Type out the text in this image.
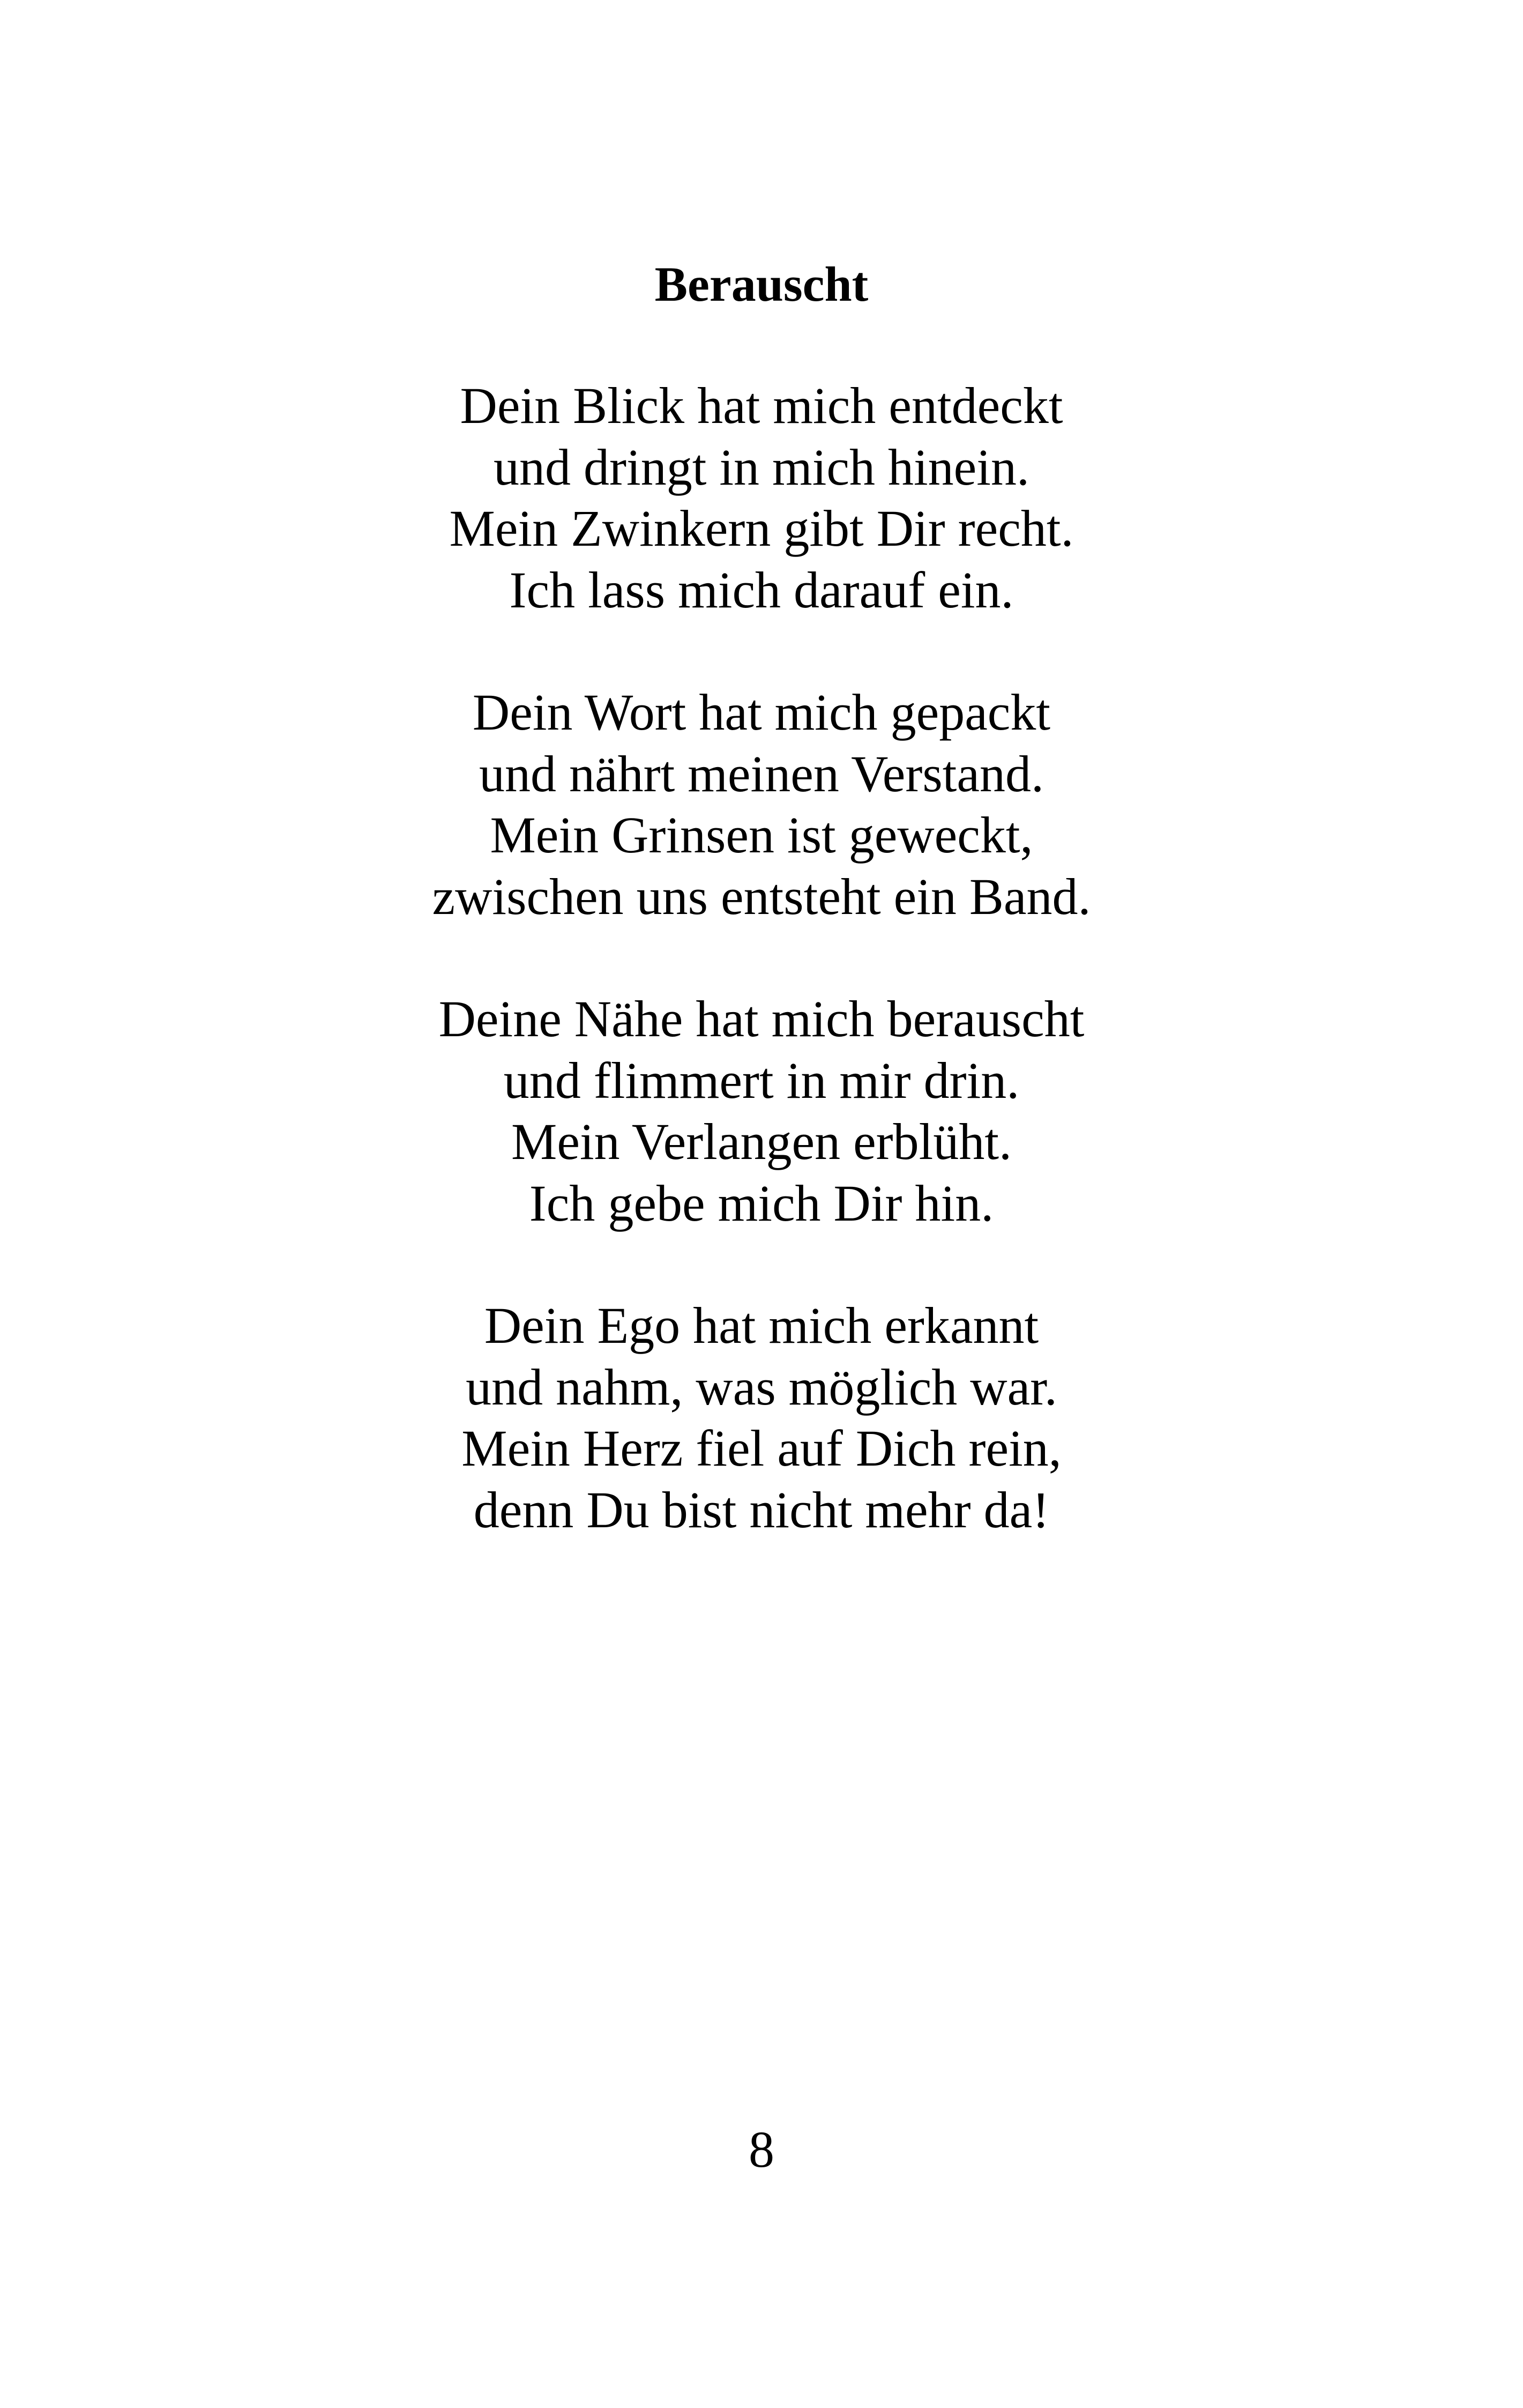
Berauscht
Dein Blick hat mich entdeckt
und dringt in mich hinein.
Mein Zwinkern gibt Dir recht.
Ich lass mich darauf ein.
Dein Wort hat mich gepackt
und nährt meinen Verstand.
Mein Grinsen ist geweckt,
zwischen uns entsteht ein Band.
Deine Nähe hat mich berauscht
und flimmert in mir drin.
Mein Verlangen erblüht.
Ich gebe mich Dir hin.
Dein Ego hat mich erkannt
und nahm, was möglich war.
Mein Herz fiel auf Dich rein,
denn Du bist nicht mehr da!
8
